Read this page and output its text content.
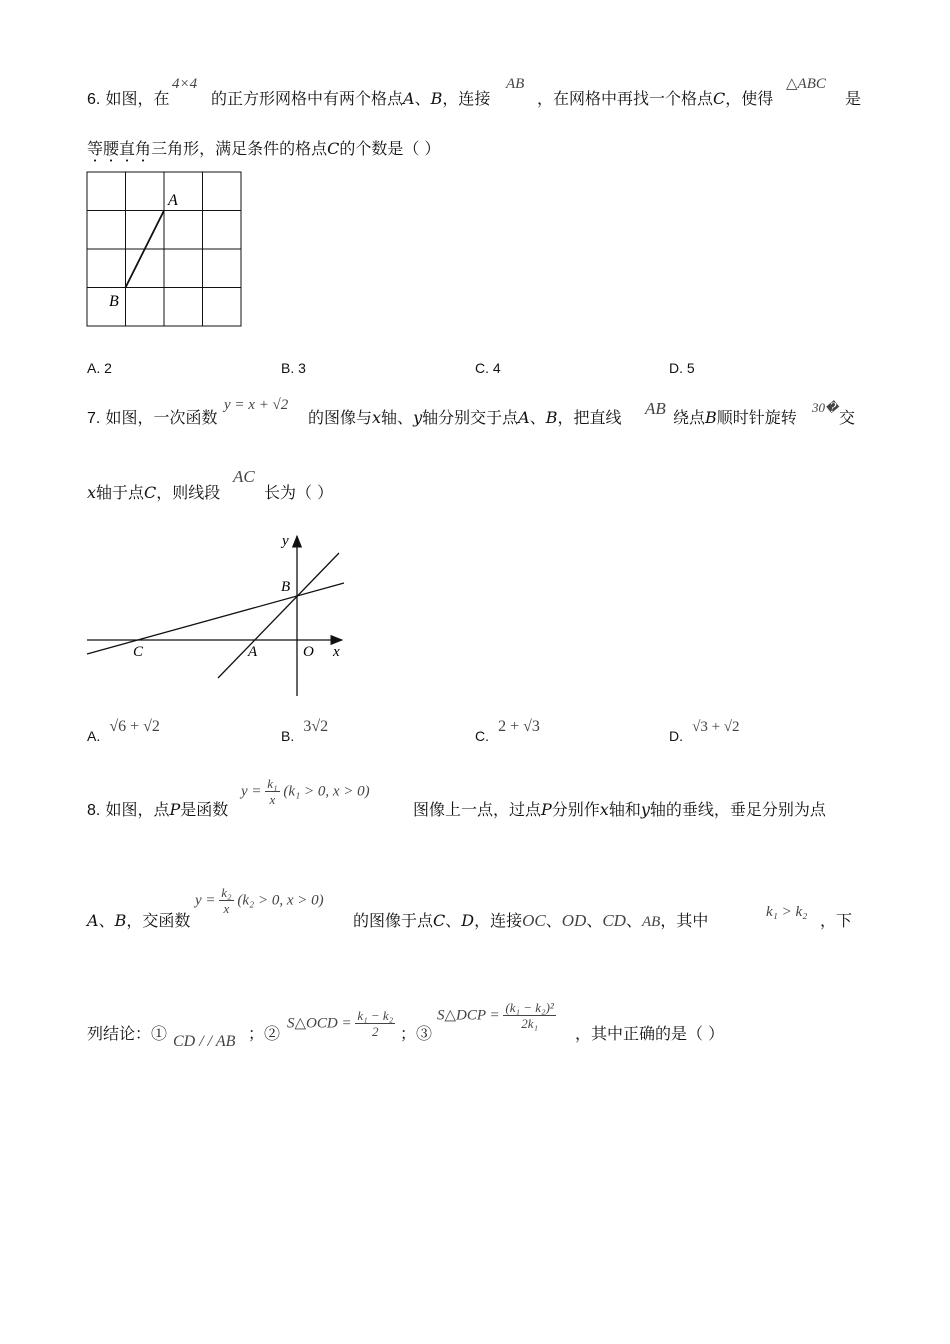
6. 如图，在
4×4
的正方形网格中有两个格点A、B，连接
AB
，在网格中再找一个格点C，使得
△ABC
是
等腰直角三角形，满足条件的格点C的个数是（ ）
A
B
A. 2	B. 3	C. 4	D. 5
7. 如图，一次函数
y = x + √2
的图像与x轴、y轴分别交于点A、B，把直线 AB 绕点B顺时针旋转
30�
交
x轴于点C，则线段
AC
长为（ ）
y
B
C	A	O x
A. √6 + √2
B. 3√2
C. 2 + √3
D. √3 + √2
8. 如图，点P是函数
$y = \frac{\text{k₁}}{x} (k_1 > 0$, x > 0)
图像上一点，过点P分别作x轴和y轴的垂线，垂足分别为点
A、B，交函数
$y = \frac{\text{k₂}}{x} (k_2 > 0$, x > 0)
的图像于点C、D，连接OC、OD、CD、AB，其中	k₁ > k₂ ，下
列结论：① CD / / AB ；②
S△OCD = $\frac{\text{k₁ − k₂}}{2}$ ；③
S△DCP = $\frac{\text{(k₁ − k₂)²}}{\text{2k₁}}$
，其中正确的是（ ）
